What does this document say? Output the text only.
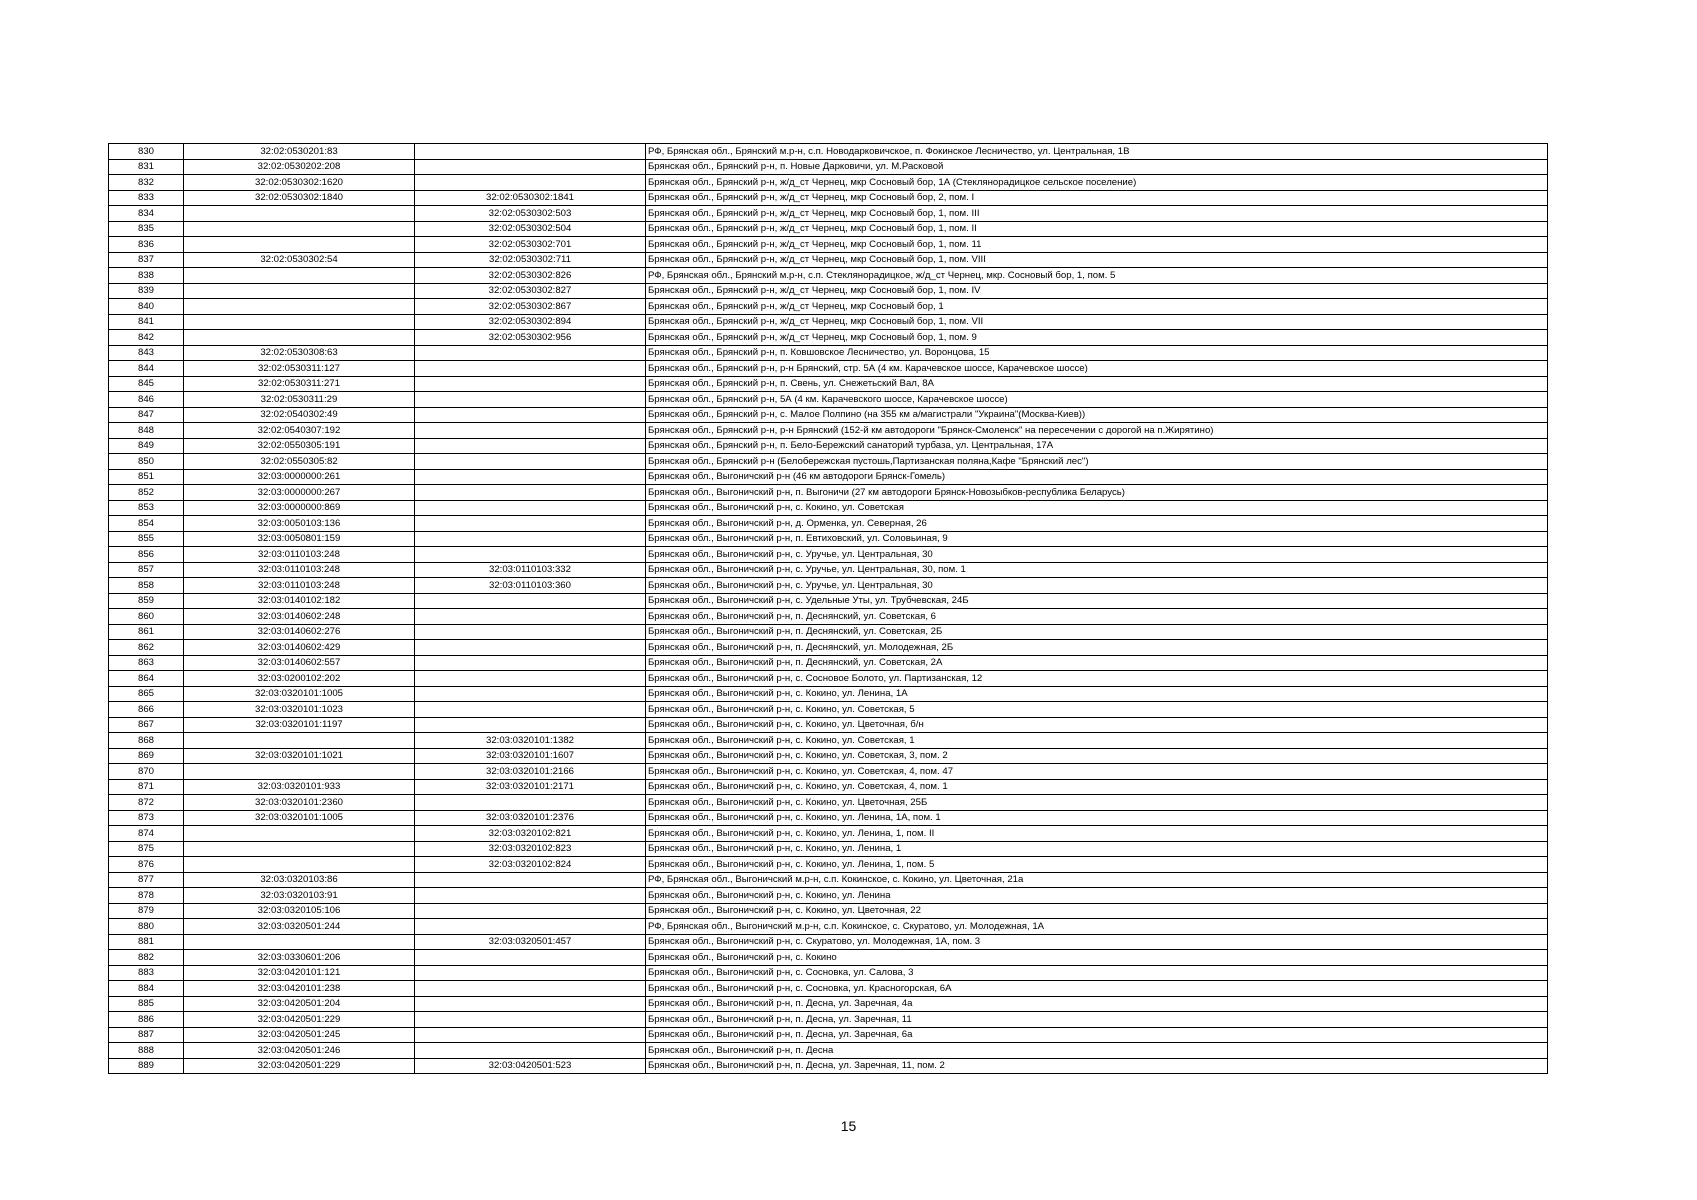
830	32:02:0530201:83		РФ, Брянская обл., Брянский м.р-н, с.п. Новодарковичское, п. Фокинское Лесничество, ул. Центральная, 1В
831	32:02:0530202:208		Брянская обл., Брянский р-н, п. Новые Дарковичи, ул. М.Расковой
832	32:02:0530302:1620		Брянская обл., Брянский р-н, ж/д_ст Чернец, мкр Сосновый бор, 1А (Стеклянорадицкое сельское поселение)
833	32:02:0530302:1840	32:02:0530302:1841	Брянская обл., Брянский р-н, ж/д_ст Чернец, мкр Сосновый бор, 2, пом. I
834		32:02:0530302:503	Брянская обл., Брянский р-н, ж/д_ст Чернец, мкр Сосновый бор, 1, пом. III
835		32:02:0530302:504	Брянская обл., Брянский р-н, ж/д_ст Чернец, мкр Сосновый бор, 1, пом. II
836		32:02:0530302:701	Брянская обл., Брянский р-н, ж/д_ст Чернец, мкр Сосновый бор, 1, пом. 11
837	32:02:0530302:54	32:02:0530302:711	Брянская обл., Брянский р-н, ж/д_ст Чернец, мкр Сосновый бор, 1, пом. VIII
838		32:02:0530302:826	РФ, Брянская обл., Брянский м.р-н, с.п. Стеклянорадицкое, ж/д_ст Чернец, мкр. Сосновый бор, 1, пом. 5
839		32:02:0530302:827	Брянская обл., Брянский р-н, ж/д_ст Чернец, мкр Сосновый бор, 1, пом. IV
840		32:02:0530302:867	Брянская обл., Брянский р-н, ж/д_ст Чернец, мкр Сосновый бор, 1
841		32:02:0530302:894	Брянская обл., Брянский р-н, ж/д_ст Чернец, мкр Сосновый бор, 1, пом. VII
842		32:02:0530302:956	Брянская обл., Брянский р-н, ж/д_ст Чернец, мкр Сосновый бор, 1, пом. 9
843	32:02:0530308:63		Брянская обл., Брянский р-н, п. Ковшовское Лесничество, ул. Воронцова, 15
844	32:02:0530311:127		Брянская обл., Брянский р-н, р-н Брянский, стр. 5А (4 км. Карачевское шоссе, Карачевское шоссе)
845	32:02:0530311:271		Брянская обл., Брянский р-н, п. Свень, ул. Снежетьский Вал, 8А
846	32:02:0530311:29		Брянская обл., Брянский р-н, 5А (4 км. Карачевского шоссе, Карачевское шоссе)
847	32:02:0540302:49		Брянская обл., Брянский р-н, с. Малое Полпино (на 355 км а/магистрали "Украина"(Москва-Киев))
848	32:02:0540307:192		Брянская обл., Брянский р-н, р-н Брянский (152-й км автодороги "Брянск-Смоленск" на пересечении с дорогой на п.Жирятино)
849	32:02:0550305:191		Брянская обл., Брянский р-н, п. Бело-Бережский санаторий турбаза, ул. Центральная, 17А
850	32:02:0550305:82		Брянская обл., Брянский р-н (Белобережская пустошь,Партизанская поляна,Кафе "Брянский лес")
851	32:03:0000000:261		Брянская обл., Выгоничский р-н (46 км автодороги Брянск-Гомель)
852	32:03:0000000:267		Брянская обл., Выгоничский р-н, п. Выгоничи (27 км автодороги Брянск-Новозыбков-республика Беларусь)
853	32:03:0000000:869		Брянская обл., Выгоничский р-н, с. Кокино, ул. Советская
854	32:03:0050103:136		Брянская обл., Выгоничский р-н, д. Орменка, ул. Северная, 26
855	32:03:0050801:159		Брянская обл., Выгоничский р-н, п. Евтиховский, ул. Соловьиная, 9
856	32:03:0110103:248		Брянская обл., Выгоничский р-н, с. Уручье, ул. Центральная, 30
857	32:03:0110103:248	32:03:0110103:332	Брянская обл., Выгоничский р-н, с. Уручье, ул. Центральная, 30, пом. 1
858	32:03:0110103:248	32:03:0110103:360	Брянская обл., Выгоничский р-н, с. Уручье, ул. Центральная, 30
859	32:03:0140102:182		Брянская обл., Выгоничский р-н, с. Удельные Уты, ул. Трубчевская, 24Б
860	32:03:0140602:248		Брянская обл., Выгоничский р-н, п. Деснянский, ул. Советская, 6
861	32:03:0140602:276		Брянская обл., Выгоничский р-н, п. Деснянский, ул. Советская, 2Б
862	32:03:0140602:429		Брянская обл., Выгоничский р-н, п. Деснянский, ул. Молодежная, 2Б
863	32:03:0140602:557		Брянская обл., Выгоничский р-н, п. Деснянский, ул. Советская, 2А
864	32:03:0200102:202		Брянская обл., Выгоничский р-н, с. Сосновое Болото, ул. Партизанская, 12
865	32:03:0320101:1005		Брянская обл., Выгоничский р-н, с. Кокино, ул. Ленина, 1А
866	32:03:0320101:1023		Брянская обл., Выгоничский р-н, с. Кокино, ул. Советская, 5
867	32:03:0320101:1197		Брянская обл., Выгоничский р-н, с. Кокино, ул. Цветочная, б/н
868		32:03:0320101:1382	Брянская обл., Выгоничский р-н, с. Кокино, ул. Советская, 1
869	32:03:0320101:1021	32:03:0320101:1607	Брянская обл., Выгоничский р-н, с. Кокино, ул. Советская, 3, пом. 2
870		32:03:0320101:2166	Брянская обл., Выгоничский р-н, с. Кокино, ул. Советская, 4, пом. 47
871	32:03:0320101:933	32:03:0320101:2171	Брянская обл., Выгоничский р-н, с. Кокино, ул. Советская, 4, пом. 1
872	32:03:0320101:2360		Брянская обл., Выгоничский р-н, с. Кокино, ул. Цветочная, 25Б
873	32:03:0320101:1005	32:03:0320101:2376	Брянская обл., Выгоничский р-н, с. Кокино, ул. Ленина, 1А, пом. 1
874		32:03:0320102:821	Брянская обл., Выгоничский р-н, с. Кокино, ул. Ленина, 1, пом. II
875		32:03:0320102:823	Брянская обл., Выгоничский р-н, с. Кокино, ул. Ленина, 1
876		32:03:0320102:824	Брянская обл., Выгоничский р-н, с. Кокино, ул. Ленина, 1, пом. 5
877	32:03:0320103:86		РФ, Брянская обл., Выгоничский м.р-н, с.п. Кокинское, с. Кокино, ул. Цветочная, 21а
878	32:03:0320103:91		Брянская обл., Выгоничский р-н, с. Кокино, ул. Ленина
879	32:03:0320105:106		Брянская обл., Выгоничский р-н, с. Кокино, ул. Цветочная, 22
880	32:03:0320501:244		РФ, Брянская обл., Выгоничский м.р-н, с.п. Кокинское, с. Скуратово, ул. Молодежная, 1А
881		32:03:0320501:457	Брянская обл., Выгоничский р-н, с. Скуратово, ул. Молодежная, 1А, пом. 3
882	32:03:0330601:206		Брянская обл., Выгоничский р-н, с. Кокино
883	32:03:0420101:121		Брянская обл., Выгоничский р-н, с. Сосновка, ул. Салова, 3
884	32:03:0420101:238		Брянская обл., Выгоничский р-н, с. Сосновка, ул. Красногорская, 6А
885	32:03:0420501:204		Брянская обл., Выгоничский р-н, п. Десна, ул. Заречная, 4а
886	32:03:0420501:229		Брянская обл., Выгоничский р-н, п. Десна, ул. Заречная, 11
887	32:03:0420501:245		Брянская обл., Выгоничский р-н, п. Десна, ул. Заречная, 6а
888	32:03:0420501:246		Брянская обл., Выгоничский р-н, п. Десна
889	32:03:0420501:229	32:03:0420501:523	Брянская обл., Выгоничский р-н, п. Десна, ул. Заречная, 11, пом. 2
15
